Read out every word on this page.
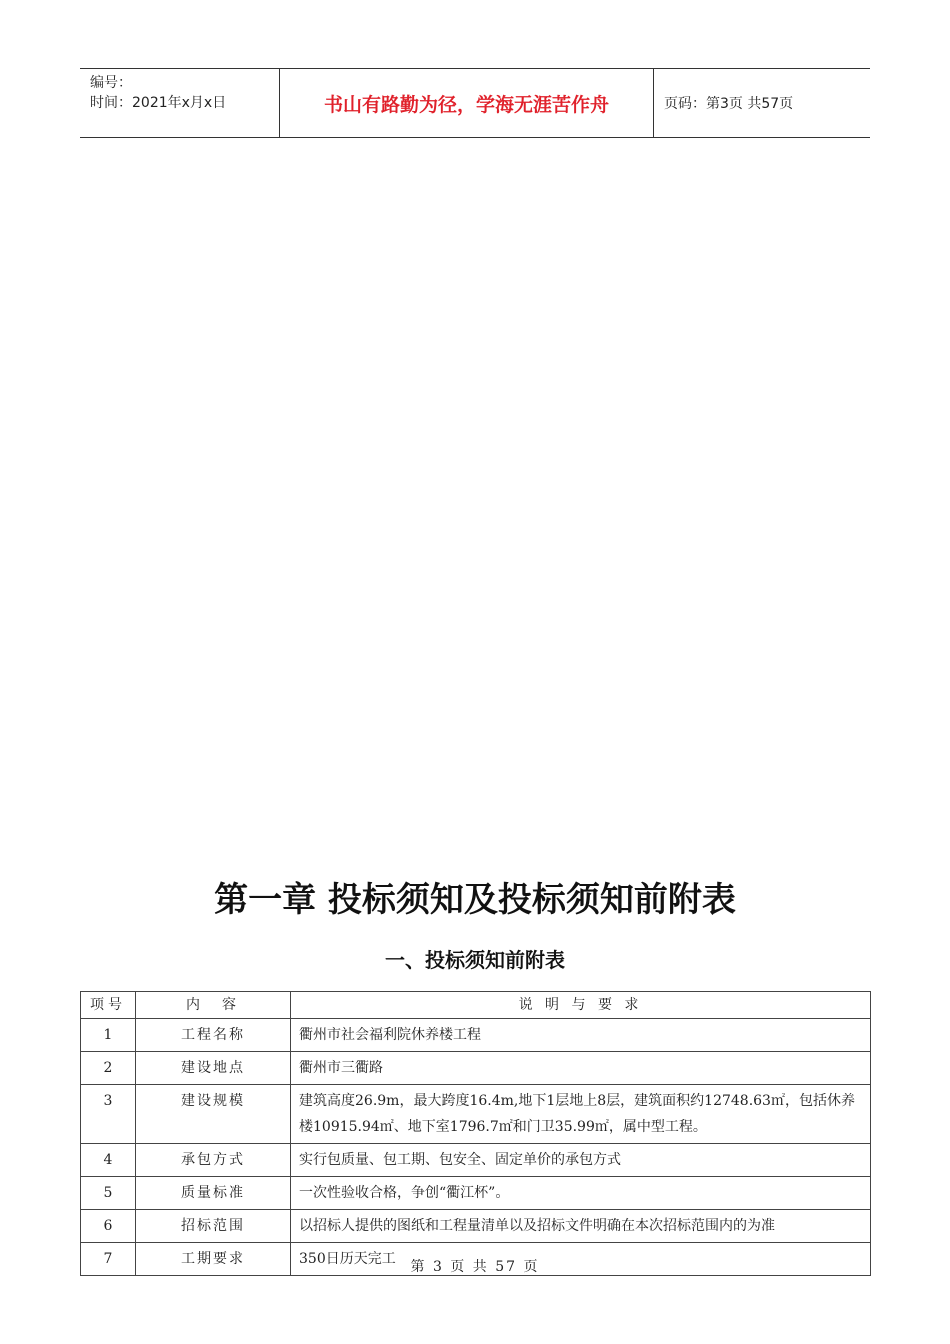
编号：
时间：2021年x月x日	书山有路勤为径，学海无涯苦作舟	页码：第3页 共57页
第一章 投标须知及投标须知前附表
一、投标须知前附表
项号	内　容	说 明 与 要 求
1	工程名称	衢州市社会福利院休养楼工程
2	建设地点	衢州市三衢路
3	建设规模	建筑高度26.9m，最大跨度16.4m,地下1层地上8层，建筑面积约12748.63㎡，包括休养楼10915.94㎡、地下室1796.7㎡和门卫35.99㎡，属中型工程。
4	承包方式	实行包质量、包工期、包安全、固定单价的承包方式
5	质量标准	一次性验收合格，争创“衢江杯”。
6	招标范围	以招标人提供的图纸和工程量清单以及招标文件明确在本次招标范围内的为准
7	工期要求	350日历天完工	第 3 页 共 57 页
